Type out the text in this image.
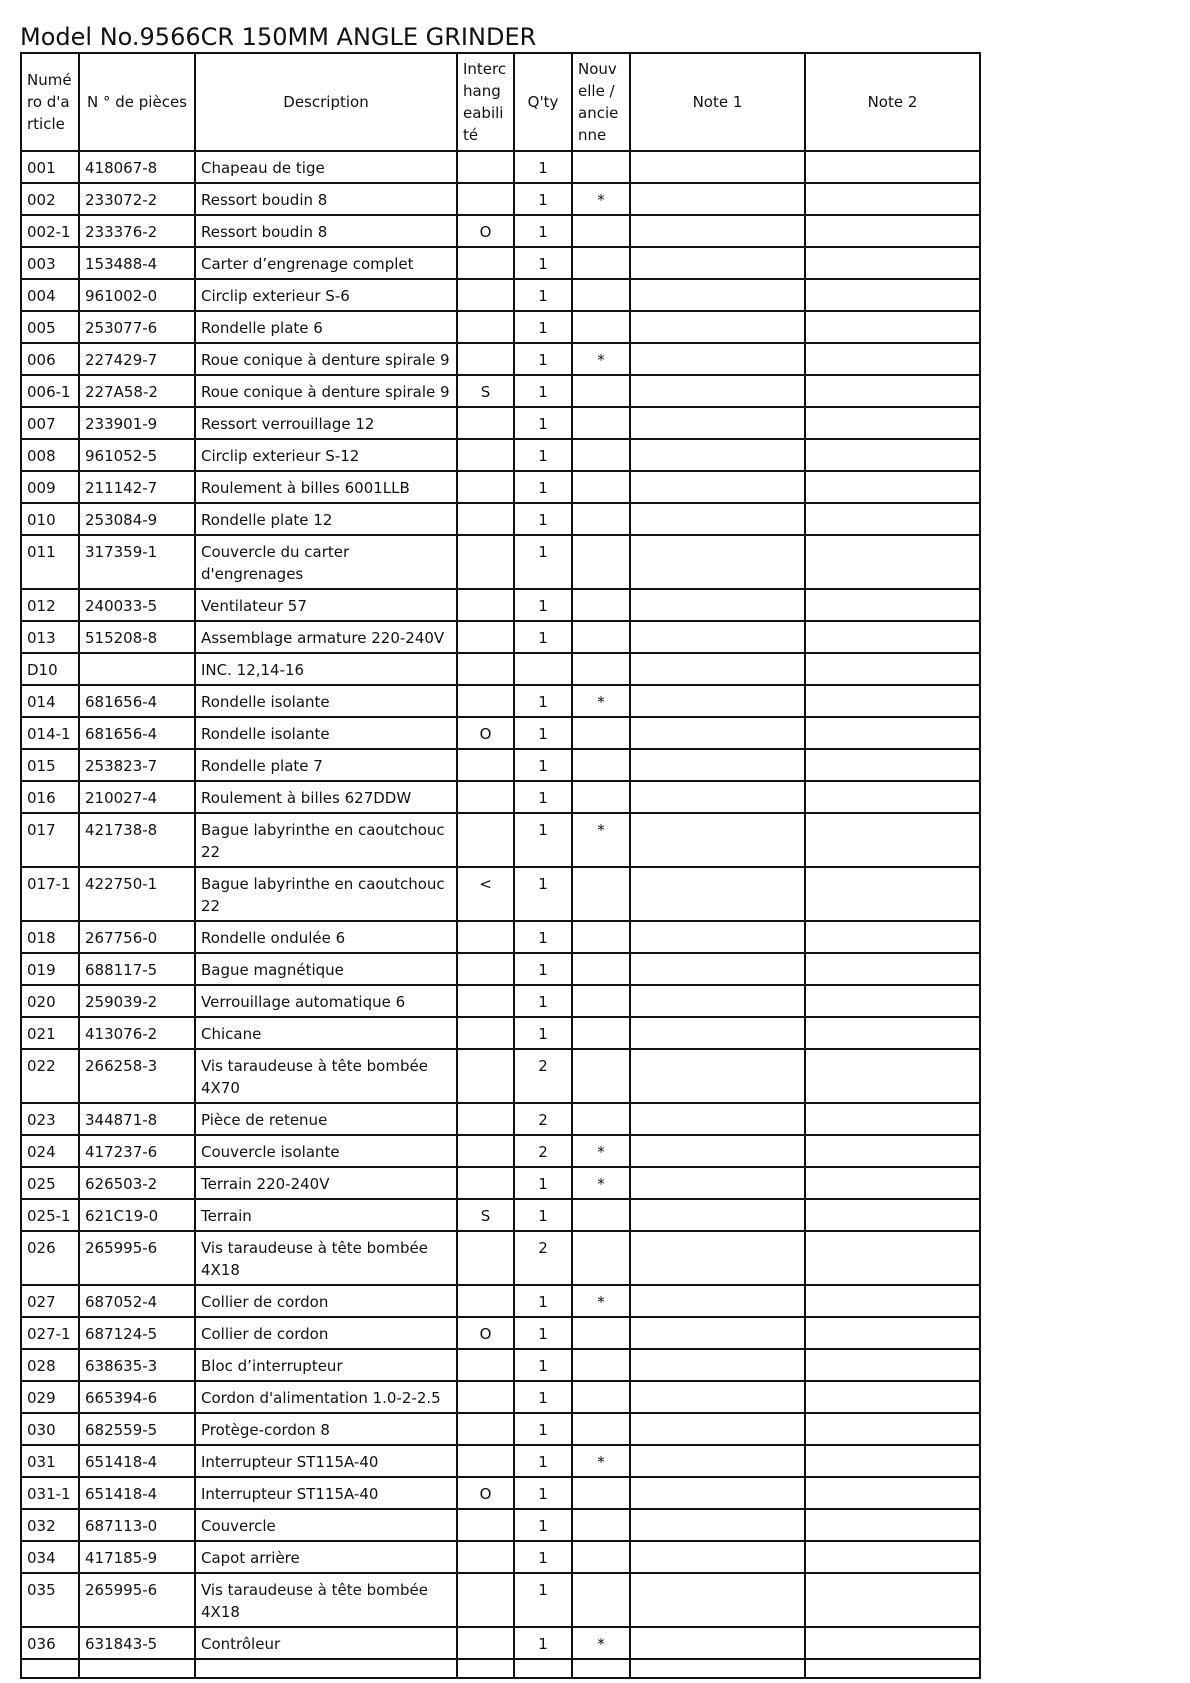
Model No.9566CR 150MM ANGLE GRINDER
Numéro d'article	N ° de pièces	Description	Interchangeabilité	Q'ty	Nouvelle / ancienne	Note 1	Note 2
001	418067-8	Chapeau de tige		1			
002	233072-2	Ressort boudin 8		1	*		
002-1	233376-2	Ressort boudin 8	O	1			
003	153488-4	Carter d’engrenage complet		1			
004	961002-0	Circlip exterieur S-6		1			
005	253077-6	Rondelle plate 6		1			
006	227429-7	Roue conique à denture spirale 9		1	*		
006-1	227A58-2	Roue conique à denture spirale 9	S	1			
007	233901-9	Ressort verrouillage 12		1			
008	961052-5	Circlip exterieur S-12		1			
009	211142-7	Roulement à billes 6001LLB		1			
010	253084-9	Rondelle plate 12		1			
011	317359-1	Couvercle du carter d'engrenages		1			
012	240033-5	Ventilateur 57		1			
013	515208-8	Assemblage armature 220-240V		1			
D10		INC. 12,14-16					
014	681656-4	Rondelle isolante		1	*		
014-1	681656-4	Rondelle isolante	O	1			
015	253823-7	Rondelle plate 7		1			
016	210027-4	Roulement à billes 627DDW		1			
017	421738-8	Bague labyrinthe en caoutchouc 22		1	*		
017-1	422750-1	Bague labyrinthe en caoutchouc 22	<	1			
018	267756-0	Rondelle ondulée 6		1			
019	688117-5	Bague magnétique		1			
020	259039-2	Verrouillage automatique 6		1			
021	413076-2	Chicane		1			
022	266258-3	Vis taraudeuse à tête bombée 4X70		2			
023	344871-8	Pièce de retenue		2			
024	417237-6	Couvercle isolante		2	*		
025	626503-2	Terrain 220-240V		1	*		
025-1	621C19-0	Terrain	S	1			
026	265995-6	Vis taraudeuse à tête bombée 4X18		2			
027	687052-4	Collier de cordon		1	*		
027-1	687124-5	Collier de cordon	O	1			
028	638635-3	Bloc d’interrupteur		1			
029	665394-6	Cordon d'alimentation 1.0-2-2.5		1			
030	682559-5	Protège-cordon 8		1			
031	651418-4	Interrupteur ST115A-40		1	*		
031-1	651418-4	Interrupteur ST115A-40	O	1			
032	687113-0	Couvercle		1			
034	417185-9	Capot arrière		1			
035	265995-6	Vis taraudeuse à tête bombée 4X18		1			
036	631843-5	Contrôleur		1	*		
